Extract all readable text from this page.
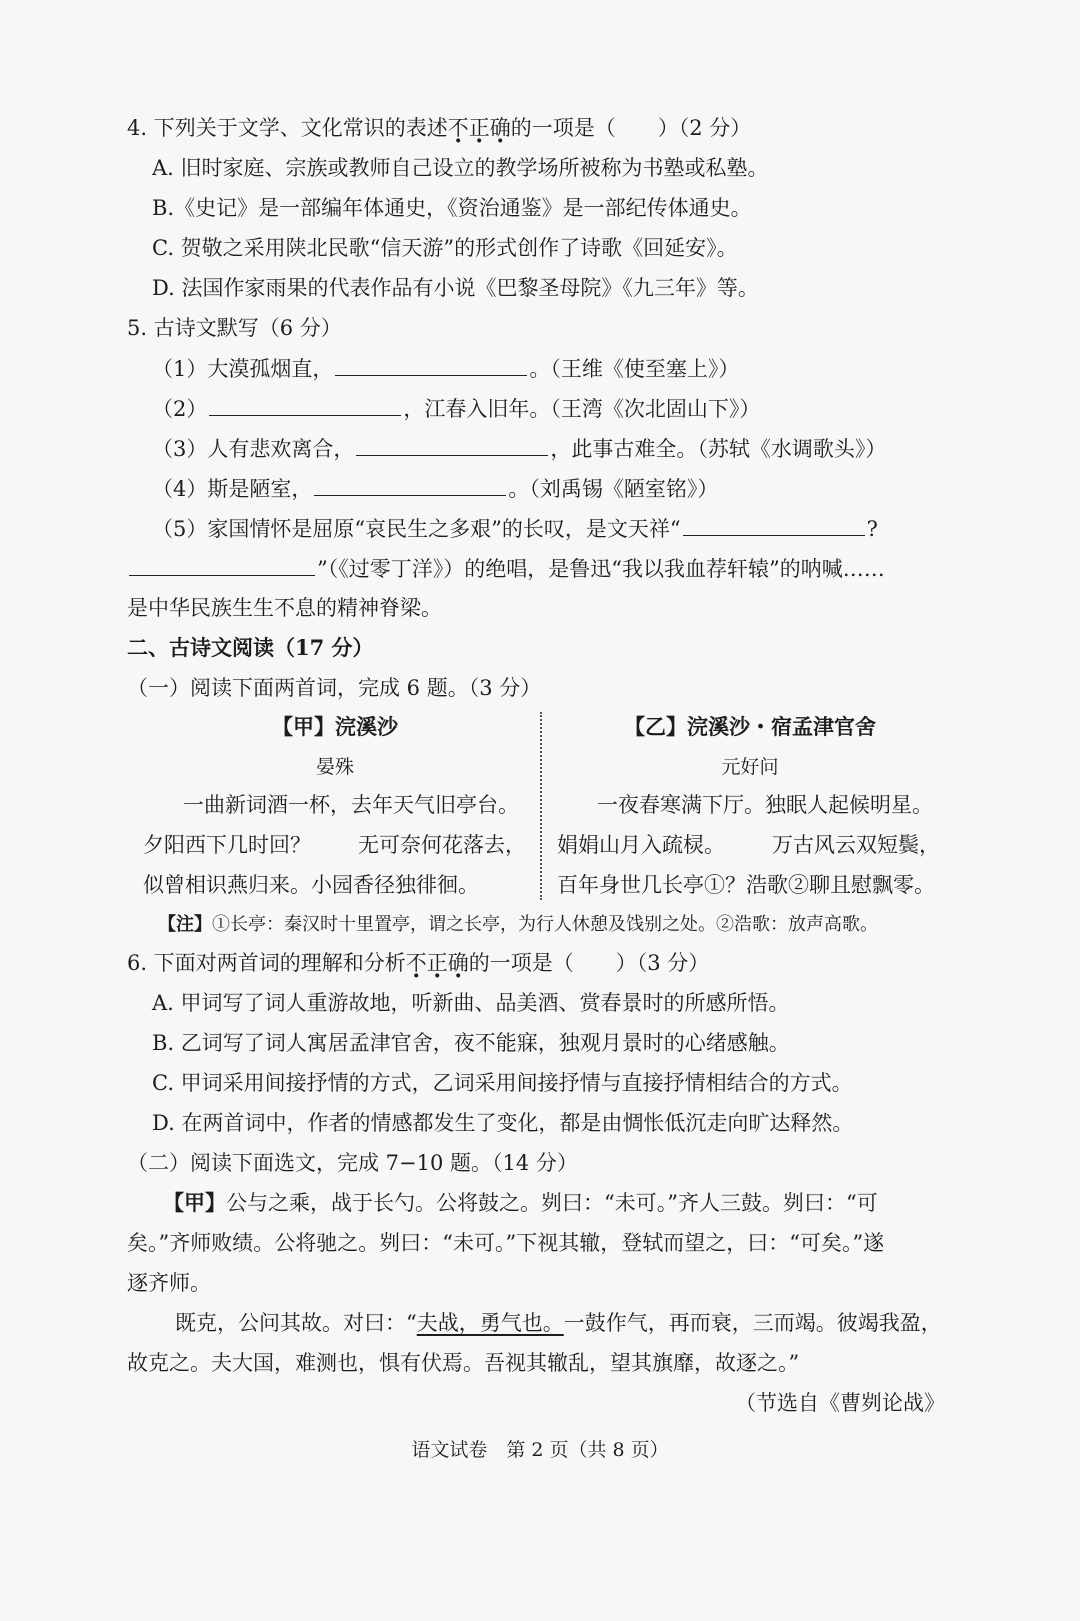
4. 下列关于文学、文化常识的表述不正确的一项是（　　）（2 分）
A. 旧时家庭、宗族或教师自己设立的教学场所被称为书塾或私塾。
B.《史记》是一部编年体通史，《资治通鉴》是一部纪传体通史。
C. 贺敬之采用陕北民歌“信天游”的形式创作了诗歌《回延安》。
D. 法国作家雨果的代表作品有小说《巴黎圣母院》《九三年》等。
5. 古诗文默写（6 分）
（1）大漠孤烟直，	。（王维《使至塞上》）
（2）	，江春入旧年。（王湾《次北固山下》）
（3）人有悲欢离合，	，此事古难全。（苏轼《水调歌头》）
（4）斯是陋室，	。（刘禹锡《陋室铭》）
（5）家国情怀是屈原“哀民生之多艰”的长叹，是文天祥“	?
”（《过零丁洋》）的绝唱，是鲁迅“我以我血荐轩辕”的呐喊……
是中华民族生生不息的精神脊梁。
二、古诗文阅读（17 分）
（一）阅读下面两首词，完成 6 题。（3 分）
【甲】浣溪沙
晏殊
一曲新词酒一杯，去年天气旧亭台。
夕阳西下几时回？ 无可奈何花落去，
似曾相识燕归来。小园香径独徘徊。
【乙】浣溪沙・宿孟津官舍
元好问
一夜春寒满下厅。独眠人起候明星。
娟娟山月入疏棂。 万古风云双短鬓，
百年身世几长亭①？浩歌②聊且慰飘零。
【注】①长亭：秦汉时十里置亭，谓之长亭，为行人休憩及饯别之处。②浩歌：放声高歌。
6. 下面对两首词的理解和分析不正确的一项是（　　）（3 分）
A. 甲词写了词人重游故地，听新曲、品美酒、赏春景时的所感所悟。
B. 乙词写了词人寓居孟津官舍，夜不能寐，独观月景时的心绪感触。
C. 甲词采用间接抒情的方式，乙词采用间接抒情与直接抒情相结合的方式。
D. 在两首词中，作者的情感都发生了变化，都是由惆怅低沉走向旷达释然。
（二）阅读下面选文，完成 7−10 题。（14 分）
【甲】公与之乘，战于长勺。公将鼓之。刿曰：“未可。”齐人三鼓。刿曰：“可
矣。”齐师败绩。公将驰之。刿曰：“未可。”下视其辙，登轼而望之，曰：“可矣。”遂
逐齐师。
既克，公问其故。对曰：“夫战，勇气也。一鼓作气，再而衰，三而竭。彼竭我盈，
故克之。夫大国，难测也，惧有伏焉。吾视其辙乱，望其旗靡，故逐之。”
（节选自《曹刿论战》
语文试卷　第 2 页（共 8 页）
